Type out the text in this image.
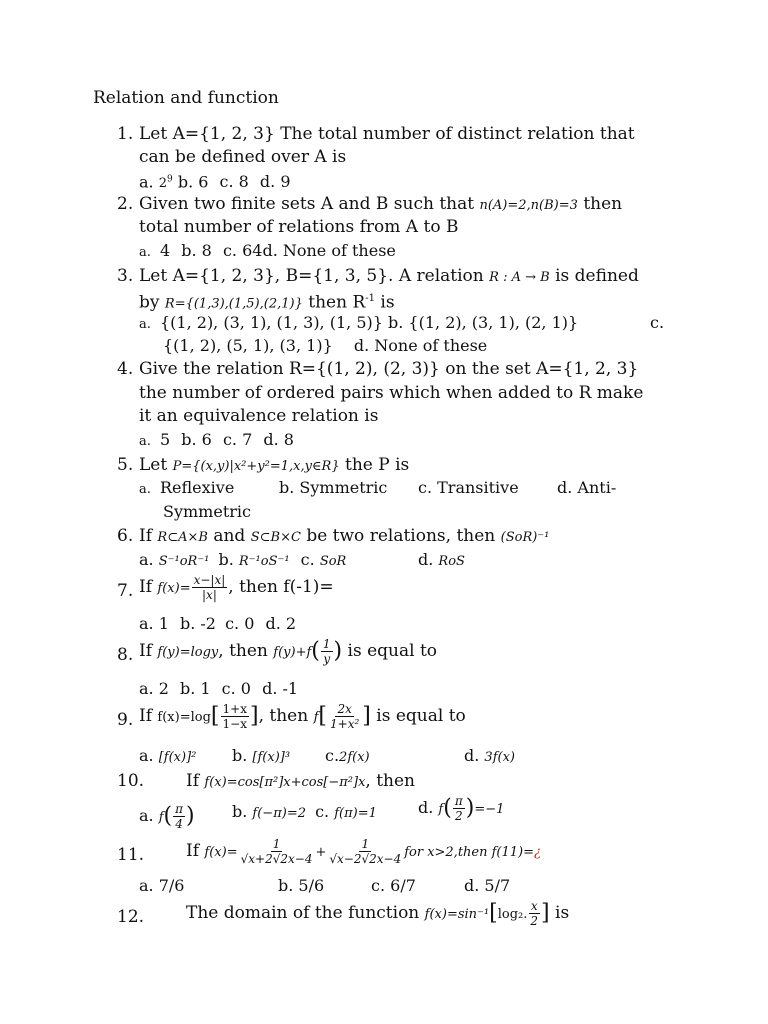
Relation and function
1. Let A={1, 2, 3} The total number of distinct relation that
can be defined over A is
a. $2^9$ b. 6 c. 8 d. 9
2. Given two finite sets A and B such that n(A)=2,n(B)=3 then
total number of relations from A to B
a. 4 b. 8 c. 64d. None of these
3. Let A={1, 2, 3}, B={1, 3, 5}. A relation R : A → B is defined
by R={(1,3),(1,5),(2,1)} then $R^{-1}$ is
a. {(1, 2), (3, 1), (1, 3), (1, 5)} b. {(1, 2), (3, 1), (2, 1)}	c.
{(1, 2), (5, 1), (3, 1)} d. None of these
4. Give the relation R={(1, 2), (2, 3)} on the set A={1, 2, 3}
the number of ordered pairs which when added to R make
it an equivalence relation is
a. 5 b. 6 c. 7 d. 8
5. Let P={(x,y)|x²+y²=1,x,y∈R} the P is
a. Reflexive	b. Symmetric c. Transitive d. Anti-
Symmetric
6. If R⊂A×B and S⊂B×C be two relations, then (SoR)⁻¹
a. S⁻¹oR⁻¹ b. R⁻¹oS⁻¹ c. SoR	d. RoS
7. If $f(x)= \frac{x-|x|}{|x|}$ , then f(-1)=
a. 1 b. -2 c. 0 d. 2
8. If f(y)=logy, then $f(y)+f( \frac{1}{y}$ ) is equal to
a. 2 b. 1 c. 0 d. -1
9. If $f(x)=\log[ \frac{1+x}{1-x}$ ], then $f[ \frac{2x}{\text{1+x²}}$ ] is equal to
a. [f(x)]² b. [f(x)]³ c.2f(x)	d. 3f(x)
10. If f(x)=cos[π²]x+cos[−π²]x, then
a. $f( \frac{\pi}{4}$ ) b. f(−π)=2 c. f(π)=1	d. $f( \frac{\pi}{2} )=-1$
11. If $f(x)= \frac{1}{√x+2√2x-4} + \frac{1}{√x-2√2x-4}$ for x>2,then f(11)=¿
a. 7/6	b. 5/6	c. 6/7	d. 5/7
12. The domain of the function f(x)=sin⁻¹[log₂. $\frac{x}{2}$ ] is
